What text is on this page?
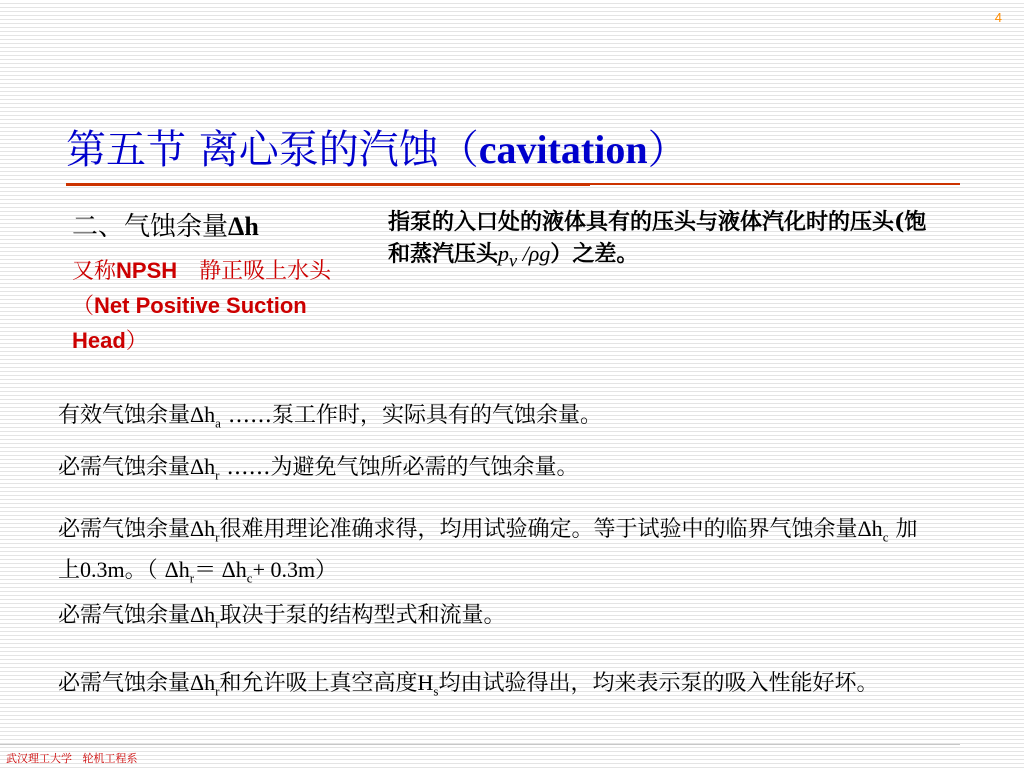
4
第五节 离心泵的汽蚀（cavitation）
二、气蚀余量Δh
又称NPSH　静正吸上水头（Net Positive Suction Head）
指泵的入口处的液体具有的压头与液体汽化时的压头(饱和蒸汽压头$p_v$ /ρg）之差。
有效气蚀余量$\Delta h_a$ ……泵工作时，实际具有的气蚀余量。
必需气蚀余量$\Delta h_r$ ……为避免气蚀所必需的气蚀余量。
必需气蚀余量$\Delta h_r$很难用理论准确求得，均用试验确定。等于试验中的临界气蚀余量$\Delta h_c$ 加上0.3m。（ $\Delta h_r= \Delta h_c+ 0.3m$）
必需气蚀余量$\Delta h_r$取决于泵的结构型式和流量。
必需气蚀余量$\Delta h_r$和允许吸上真空高度$H_s$均由试验得出，均来表示泵的吸入性能好坏。
武汉理工大学   轮机工程系
